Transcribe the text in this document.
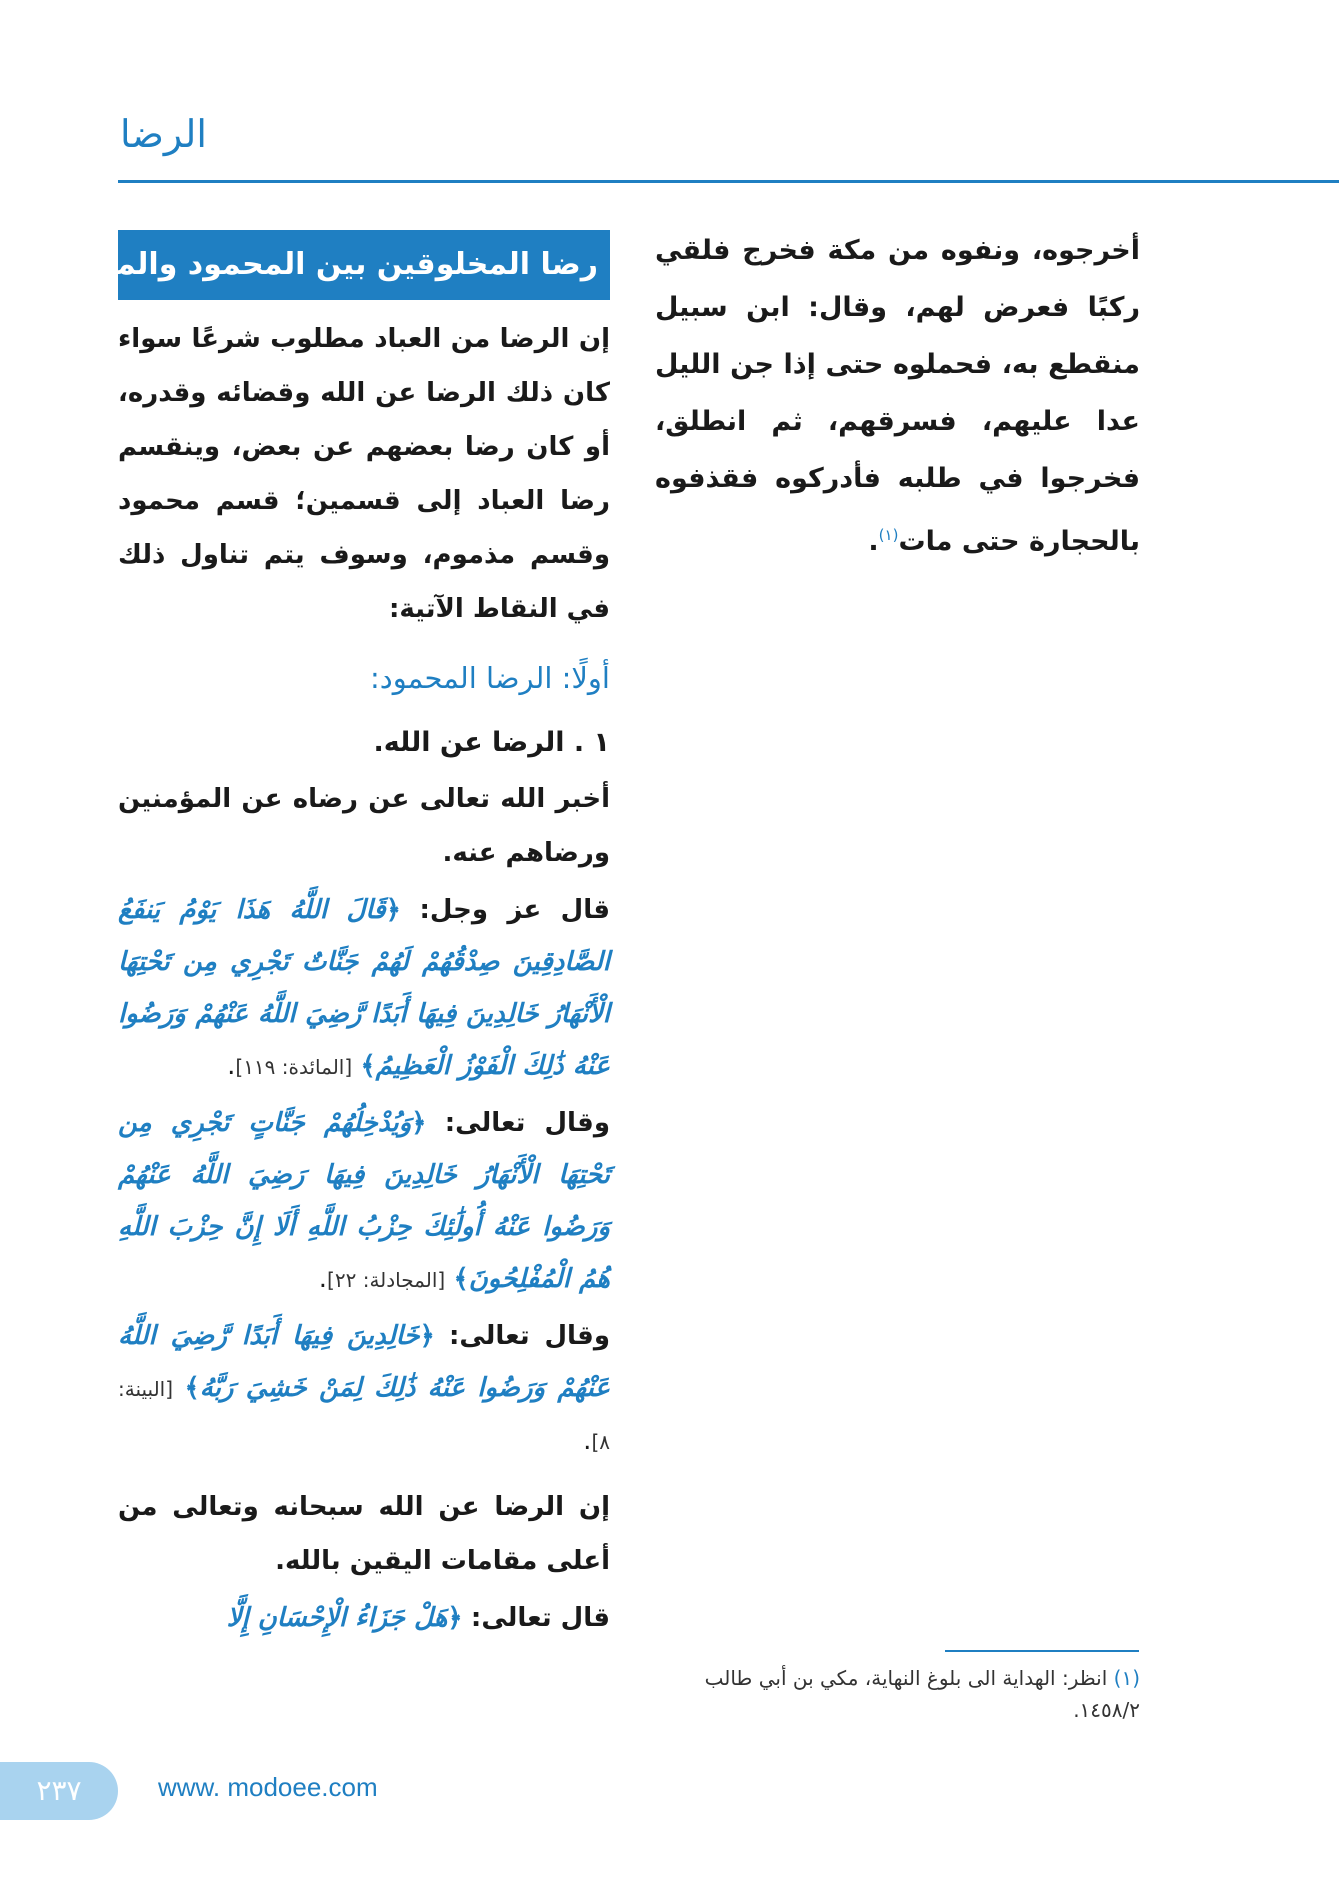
الرضا
أخرجوه، ونفوه من مكة فخرج فلقي ركبًا فعرض لهم، وقال: ابن سبيل منقطع به، فحملوه حتى إذا جن الليل عدا عليهم، فسرقهم، ثم انطلق، فخرجوا في طلبه فأدركوه فقذفوه بالحجارة حتى مات$^{(١)}$.
رضا المخلوقين بين المحمود والمذموم
إن الرضا من العباد مطلوب شرعًا سواء كان ذلك الرضا عن الله وقضائه وقدره، أو كان رضا بعضهم عن بعض، وينقسم رضا العباد إلى قسمين؛ قسم محمود وقسم مذموم، وسوف يتم تناول ذلك في النقاط الآتية:
أولًا: الرضا المحمود:
١ . الرضا عن الله.
أخبر الله تعالى عن رضاه عن المؤمنين ورضاهم عنه.
قال عز وجل: ﴿قَالَ اللَّهُ هَذَا يَوْمُ يَنفَعُ الصَّادِقِينَ صِدْقُهُمْ لَهُمْ جَنَّاتٌ تَجْرِي مِن تَحْتِهَا الْأَنْهَارُ خَالِدِينَ فِيهَا أَبَدًا رَّضِيَ اللَّهُ عَنْهُمْ وَرَضُوا عَنْهُ ذَٰلِكَ الْفَوْزُ الْعَظِيمُ﴾ [المائدة: ١١٩].
وقال تعالى: ﴿وَيُدْخِلُهُمْ جَنَّاتٍ تَجْرِي مِن تَحْتِهَا الْأَنْهَارُ خَالِدِينَ فِيهَا رَضِيَ اللَّهُ عَنْهُمْ وَرَضُوا عَنْهُ أُولَٰئِكَ حِزْبُ اللَّهِ أَلَا إِنَّ حِزْبَ اللَّهِ هُمُ الْمُفْلِحُونَ﴾ [المجادلة: ٢٢].
وقال تعالى: ﴿خَالِدِينَ فِيهَا أَبَدًا رَّضِيَ اللَّهُ عَنْهُمْ وَرَضُوا عَنْهُ ذَٰلِكَ لِمَنْ خَشِيَ رَبَّهُ﴾ [البينة: ٨].
إن الرضا عن الله سبحانه وتعالى من أعلى مقامات اليقين بالله.
قال تعالى: ﴿هَلْ جَزَاءُ الْإِحْسَانِ إِلَّا
(١) انظر: الهداية الى بلوغ النهاية، مكي بن أبي طالب ١٤٥٨/٢.
٢٣٧	www. modoee.com
